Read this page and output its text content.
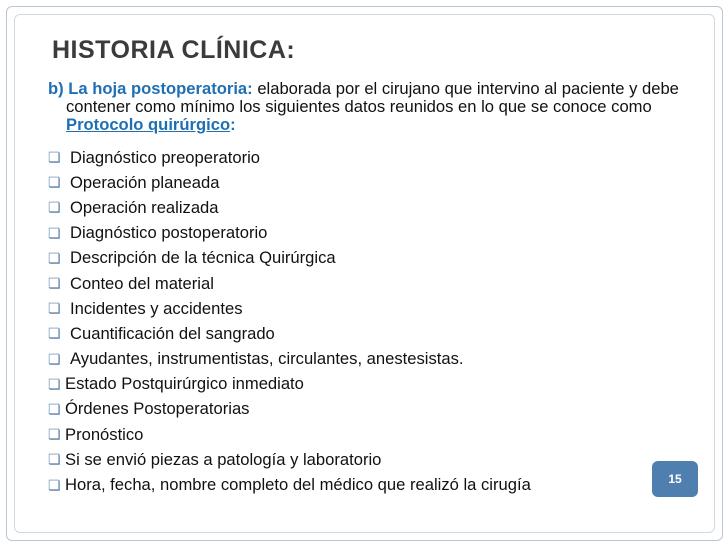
HISTORIA CLÍNICA:
b) La hoja postoperatoria: elaborada por el cirujano que intervino al paciente y debe contener como mínimo los siguientes datos reunidos en lo que se conoce como Protocolo quirúrgico:
❏ Diagnóstico preoperatorio
❏ Operación planeada
❏ Operación realizada
❏ Diagnóstico postoperatorio
❏ Descripción de la técnica Quirúrgica
❏ Conteo del material
❏ Incidentes y accidentes
❏ Cuantificación del sangrado
❏ Ayudantes, instrumentistas, circulantes, anestesistas.
❏ Estado Postquirúrgico inmediato
❏ Órdenes Postoperatorias
❏ Pronóstico
❏ Si se envió piezas a patología y laboratorio
❏ Hora, fecha, nombre completo del médico que realizó la cirugía	15
